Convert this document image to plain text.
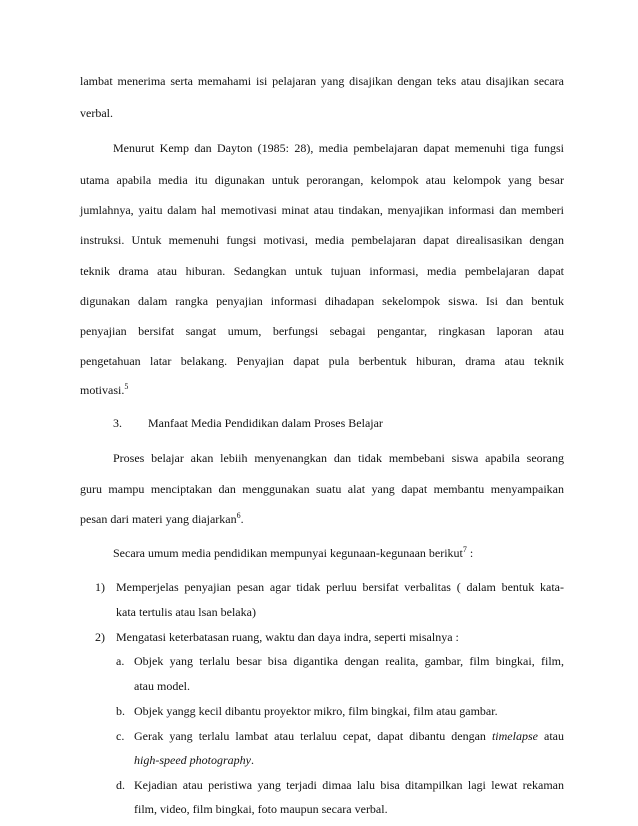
lambat menerima serta memahami isi pelajaran yang disajikan dengan teks atau disajikan secara
verbal.
Menurut Kemp dan Dayton (1985: 28), media pembelajaran dapat memenuhi tiga fungsi
utama apabila media itu digunakan untuk perorangan, kelompok atau kelompok yang besar
jumlahnya, yaitu dalam hal memotivasi minat atau tindakan, menyajikan informasi dan memberi
instruksi. Untuk memenuhi fungsi motivasi, media pembelajaran dapat direalisasikan dengan
teknik drama atau hiburan. Sedangkan untuk tujuan informasi, media pembelajaran dapat
digunakan dalam rangka penyajian informasi dihadapan sekelompok siswa. Isi dan bentuk
penyajian bersifat sangat umum, berfungsi sebagai pengantar, ringkasan laporan atau
pengetahuan latar belakang. Penyajian dapat pula berbentuk hiburan, drama atau teknik
motivasi.$^5$
3. Manfaat Media Pendidikan dalam Proses Belajar
Proses belajar akan lebiih menyenangkan dan tidak membebani siswa apabila seorang
guru mampu menciptakan dan menggunakan suatu alat yang dapat membantu menyampaikan
pesan dari materi yang diajarkan$^6$.
Secara umum media pendidikan mempunyai kegunaan-kegunaan berikut$^7$ :
1) Memperjelas penyajian pesan agar tidak perluu bersifat verbalitas ( dalam bentuk kata-
kata tertulis atau lsan belaka)
2) Mengatasi keterbatasan ruang, waktu dan daya indra, seperti misalnya :
a. Objek yang terlalu besar bisa digantika dengan realita, gambar, film bingkai, film,
atau model.
b. Objek yangg kecil dibantu proyektor mikro, film bingkai, film atau gambar.
c. Gerak yang terlalu lambat atau terlaluu cepat, dapat dibantu dengan timelapse atau
high-speed photography.
d. Kejadian atau peristiwa yang terjadi dimaa lalu bisa ditampilkan lagi lewat rekaman
film, video, film bingkai, foto maupun secara verbal.
